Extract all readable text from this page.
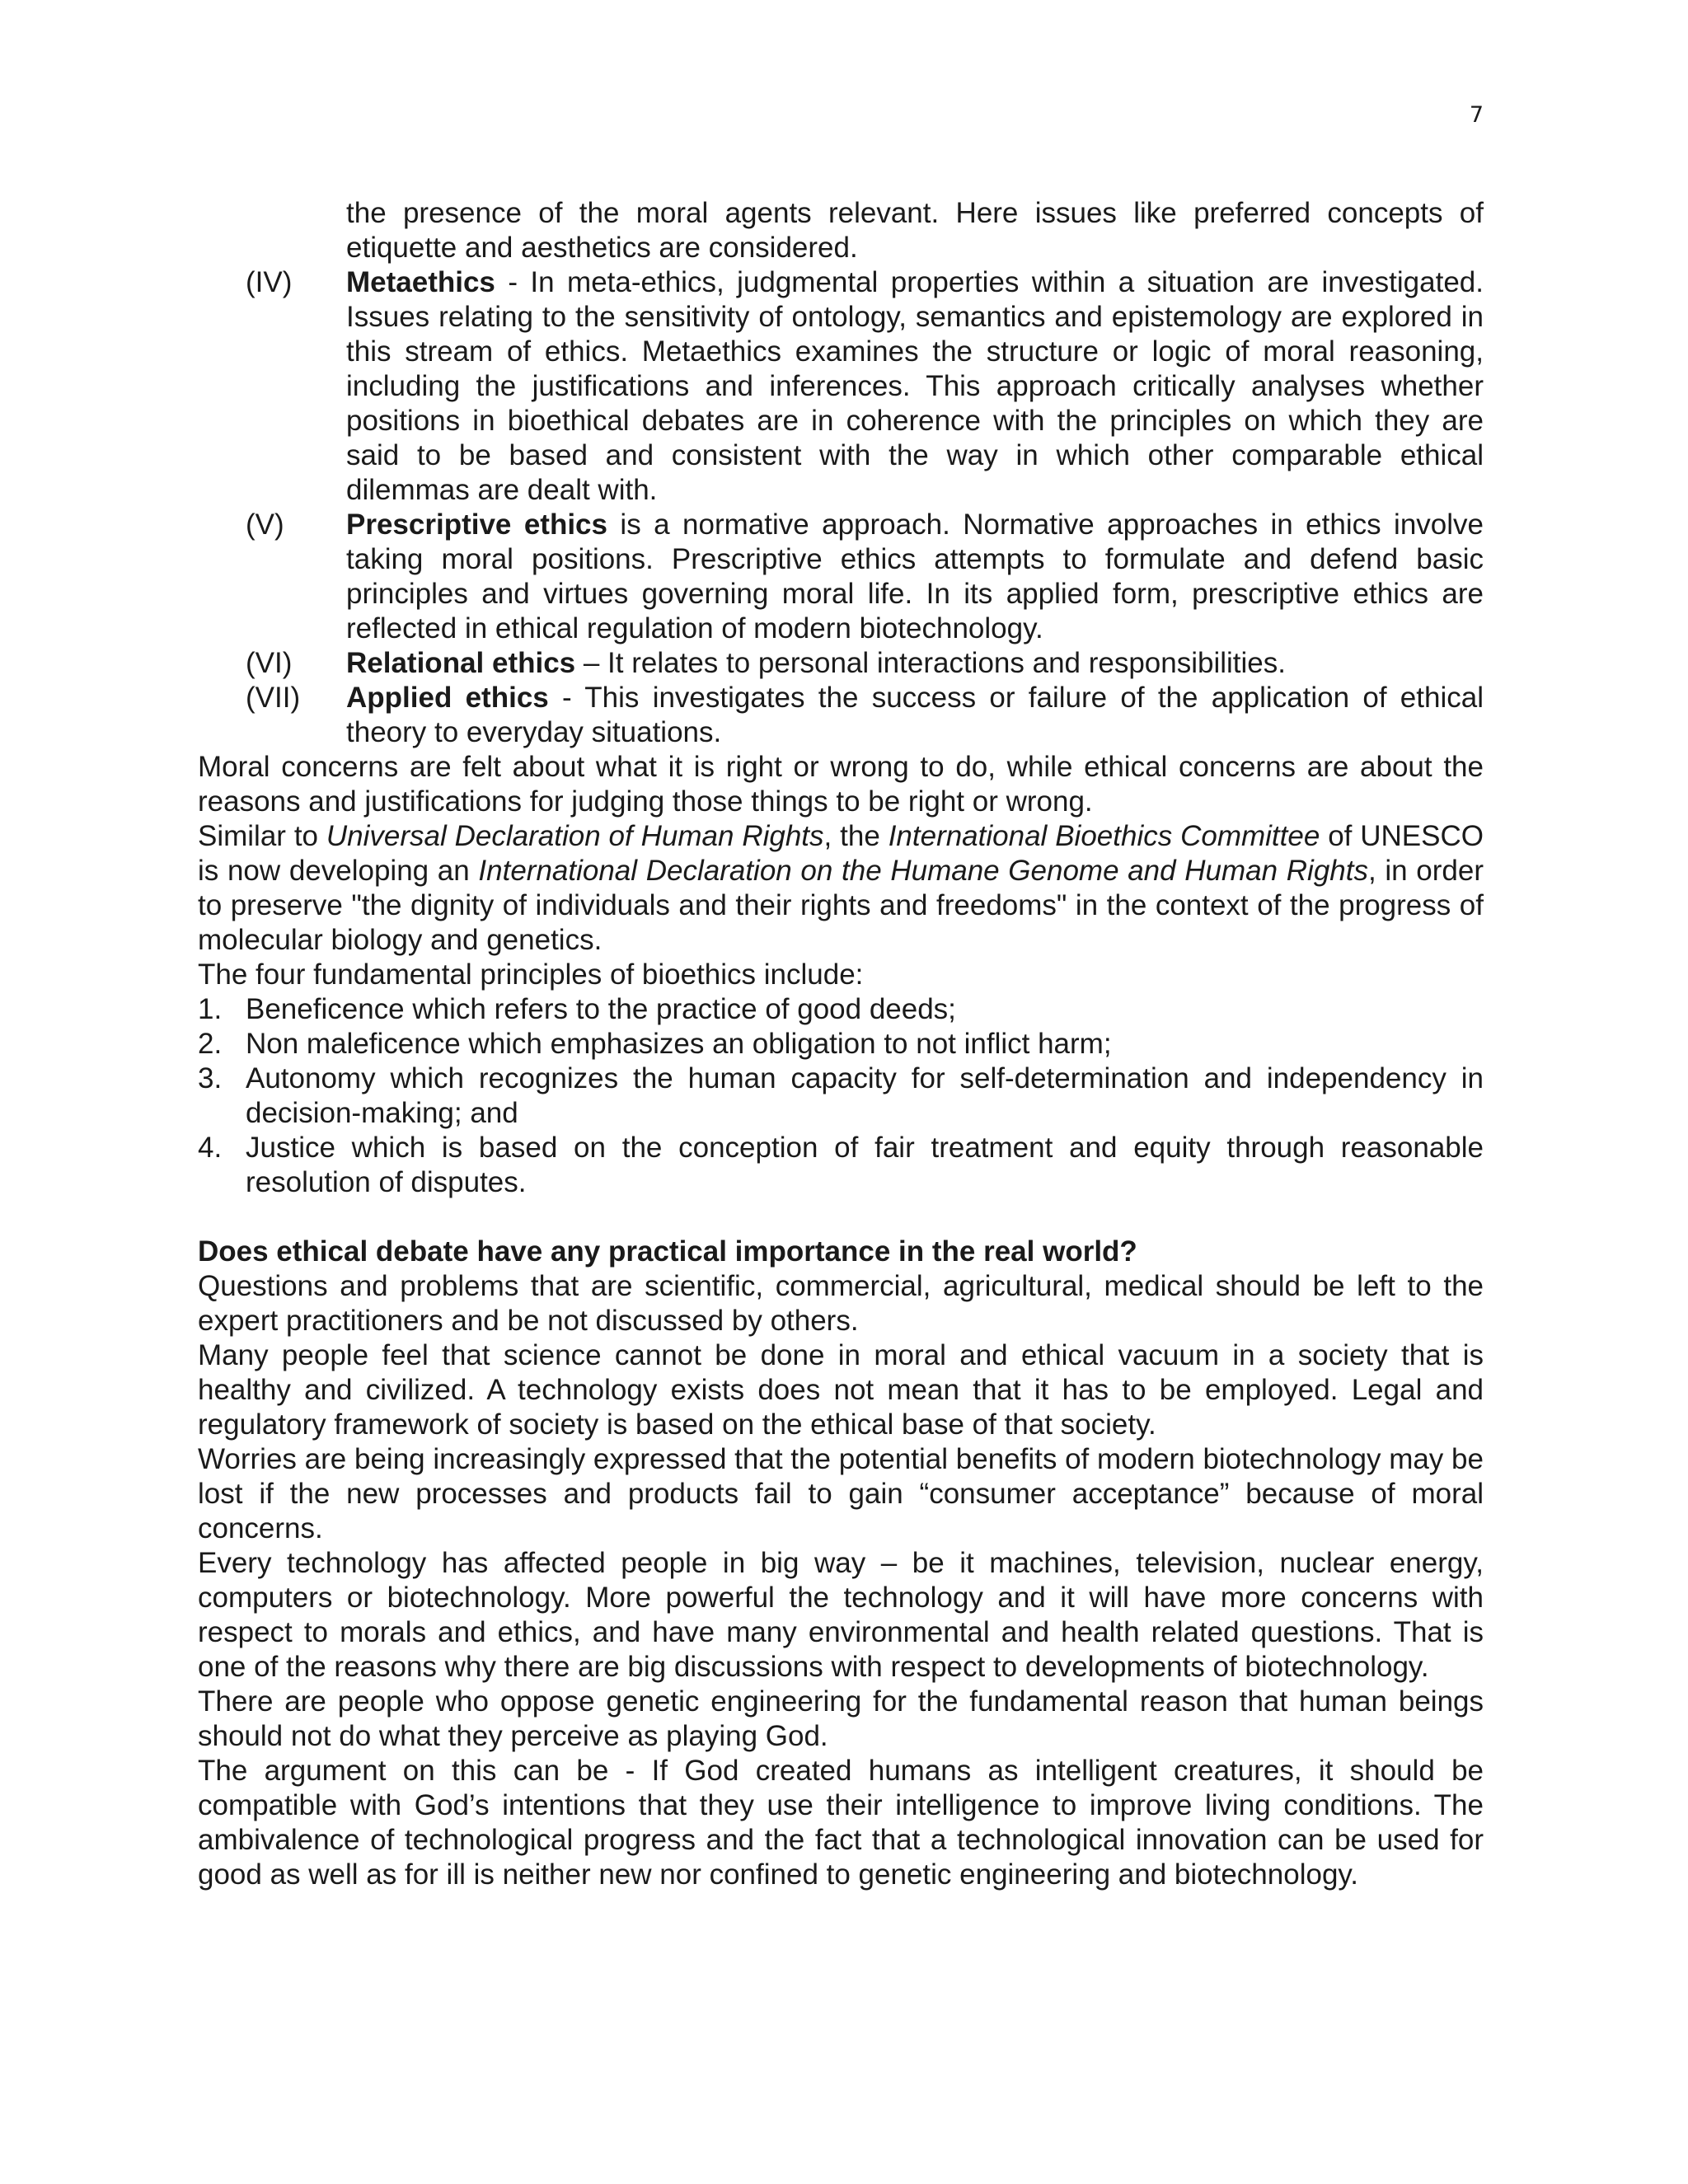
7

the presence of the moral agents relevant. Here issues like preferred concepts of etiquette and aesthetics are considered.

(IV) Metaethics - In meta-ethics, judgmental properties within a situation are investigated. Issues relating to the sensitivity of ontology, semantics and epistemology are explored in this stream of ethics. Metaethics examines the structure or logic of moral reasoning, including the justifications and inferences. This approach critically analyses whether positions in bioethical debates are in coherence with the principles on which they are said to be based and consistent with the way in which other comparable ethical dilemmas are dealt with.

(V) Prescriptive ethics is a normative approach. Normative approaches in ethics involve taking moral positions. Prescriptive ethics attempts to formulate and defend basic principles and virtues governing moral life. In its applied form, prescriptive ethics are reflected in ethical regulation of modern biotechnology.

(VI) Relational ethics – It relates to personal interactions and responsibilities.

(VII) Applied ethics - This investigates the success or failure of the application of ethical theory to everyday situations.

Moral concerns are felt about what it is right or wrong to do, while ethical concerns are about the reasons and justifications for judging those things to be right or wrong.

Similar to Universal Declaration of Human Rights, the International Bioethics Committee of UNESCO is now developing an International Declaration on the Humane Genome and Human Rights, in order to preserve "the dignity of individuals and their rights and freedoms" in the context of the progress of molecular biology and genetics.

The four fundamental principles of bioethics include:

1. Beneficence which refers to the practice of good deeds;

2. Non maleficence which emphasizes an obligation to not inflict harm;

3. Autonomy which recognizes the human capacity for self-determination and independency in decision-making; and

4. Justice which is based on the conception of fair treatment and equity through reasonable resolution of disputes.

Does ethical debate have any practical importance in the real world?

Questions and problems that are scientific, commercial, agricultural, medical should be left to the expert practitioners and be not discussed by others.

Many people feel that science cannot be done in moral and ethical vacuum in a society that is healthy and civilized. A technology exists does not mean that it has to be employed. Legal and regulatory framework of society is based on the ethical base of that society.

Worries are being increasingly expressed that the potential benefits of modern biotechnology may be lost if the new processes and products fail to gain “consumer acceptance” because of moral concerns.

Every technology has affected people in big way – be it machines, television, nuclear energy, computers or biotechnology. More powerful the technology and it will have more concerns with respect to morals and ethics, and have many environmental and health related questions. That is one of the reasons why there are big discussions with respect to developments of biotechnology.

There are people who oppose genetic engineering for the fundamental reason that human beings should not do what they perceive as playing God.

The argument on this can be - If God created humans as intelligent creatures, it should be compatible with God’s intentions that they use their intelligence to improve living conditions. The ambivalence of technological progress and the fact that a technological innovation can be used for good as well as for ill is neither new nor confined to genetic engineering and biotechnology.
